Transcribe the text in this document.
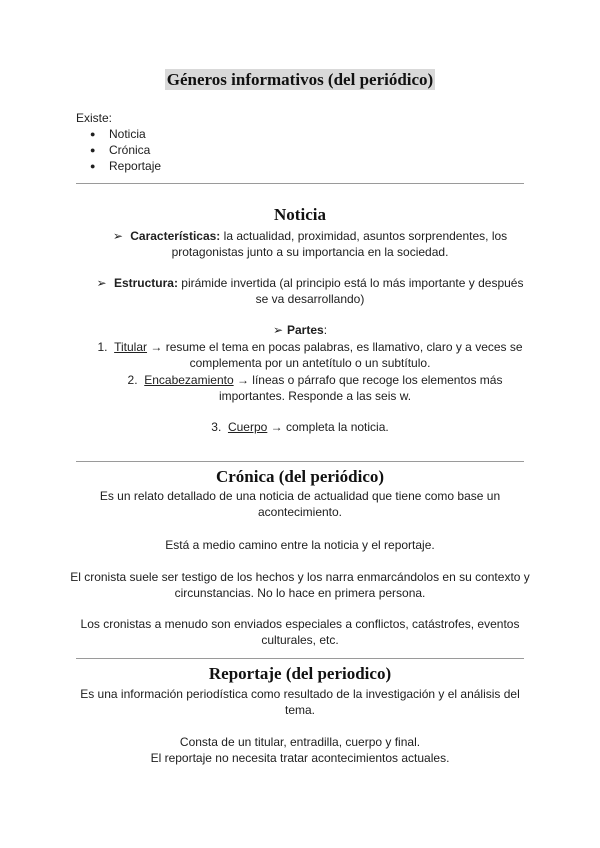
Géneros informativos (del periódico)
Existe:
● Noticia
● Crónica
● Reportaje
Noticia
➢ Características: la actualidad, proximidad, asuntos sorprendentes, los protagonistas junto a su importancia en la sociedad.
➢ Estructura: pirámide invertida (al principio está lo más importante y después se va desarrollando)
➢ Partes:
1. Titular → resume el tema en pocas palabras, es llamativo, claro y a veces se complementa por un antetítulo o un subtítulo.
2. Encabezamiento → líneas o párrafo que recoge los elementos más importantes. Responde a las seis w.
3. Cuerpo → completa la noticia.
Crónica (del periódico)
Es un relato detallado de una noticia de actualidad que tiene como base un acontecimiento.
Está a medio camino entre la noticia y el reportaje.
El cronista suele ser testigo de los hechos y los narra enmarcándolos en su contexto y circunstancias. No lo hace en primera persona.
Los cronistas a menudo son enviados especiales a conflictos, catástrofes, eventos culturales, etc.
Reportaje (del periodico)
Es una información periodística como resultado de la investigación y el análisis del tema.
Consta de un titular, entradilla, cuerpo y final.
El reportaje no necesita tratar acontecimientos actuales.
